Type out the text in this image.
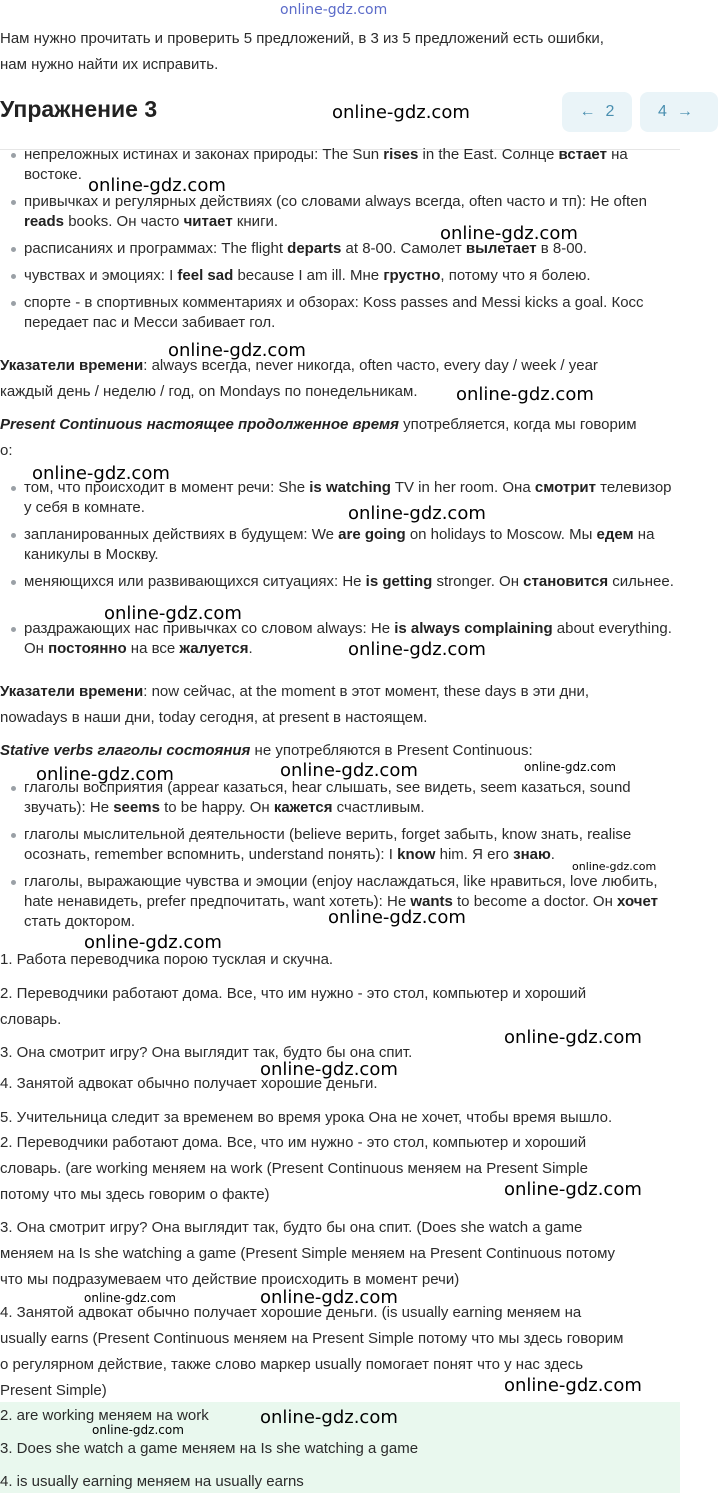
online-gdz.com
Нам нужно прочитать и проверить 5 предложений, в 3 из 5 предложений есть ошибки,
нам нужно найти их исправить.
Упражнение 3	← 2	4 →
непреложных истинах и законах природы: The Sun rises in the East. Солнце встает на востоке.
привычках и регулярных действиях (со словами always всегда, often часто и тп): He often reads books. Он часто читает книги.
расписаниях и программах: The flight departs at 8-00. Самолет вылетает в 8-00.
чувствах и эмоциях: I feel sad because I am ill. Мне грустно, потому что я болею.
спорте - в спортивных комментариях и обзорах: Koss passes and Messi kicks a goal. Косс передает пас и Месси забивает гол.
Указатели времени: always всегда, never никогда, often часто, every day / week / year
каждый день / неделю / год, on Mondays по понедельникам.
Present Continuous настоящее продолженное время употребляется, когда мы говорим
о:
том, что происходит в момент речи: She is watching TV in her room. Она смотрит телевизор у себя в комнате.
запланированных действиях в будущем: We are going on holidays to Moscow. Мы едем на каникулы в Москву.
меняющихся или развивающихся ситуациях: He is getting stronger. Он становится сильнее.
раздражающих нас привычках со словом always: He is always complaining about everything. Он постоянно на все жалуется.
Указатели времени: now сейчас, at the moment в этот момент, these days в эти дни,
nowadays в наши дни, today сегодня, at present в настоящем.
Stative verbs глаголы состояния не употребляются в Present Continuous:
глаголы восприятия (appear казаться, hear слышать, see видеть, seem казаться, sound звучать): He seems to be happy. Он кажется счастливым.
глаголы мыслительной деятельности (believe верить, forget забыть, know знать, realise осознать, remember вспомнить, understand понять): I know him. Я его знаю.
глаголы, выражающие чувства и эмоции (enjoy наслаждаться, like нравиться, love любить, hate ненавидеть, prefer предпочитать, want хотеть): He wants to become a doctor. Он хочет стать доктором.
1. Работа переводчика порою тусклая и скучна.
2. Переводчики работают дома. Все, что им нужно - это стол, компьютер и хороший
словарь.
3. Она смотрит игру? Она выглядит так, будто бы она спит.
4. Занятой адвокат обычно получает хорошие деньги.
5. Учительница следит за временем во время урока Она не хочет, чтобы время вышло.
2. Переводчики работают дома. Все, что им нужно - это стол, компьютер и хороший
словарь. (are working меняем на work (Present Continuous меняем на Present Simple
потому что мы здесь говорим о факте)
3. Она смотрит игру? Она выглядит так, будто бы она спит. (Does she watch a game
меняем на Is she watching a game (Present Simple меняем на Present Continuous потому
что мы подразумеваем что действие происходить в момент речи)
4. Занятой адвокат обычно получает хорошие деньги. (is usually earning меняем на
usually earns (Present Continuous меняем на Present Simple потому что мы здесь говорим
о регулярном действие, также слово маркер usually помогает понят что у нас здесь
Present Simple)
2. are working меняем на work
3. Does she watch a game меняем на Is she watching a game
4. is usually earning меняем на usually earns
online-gdz.com
online-gdz.com
online-gdz.com
online-gdz.com
online-gdz.com
online-gdz.com
online-gdz.com
online-gdz.com
online-gdz.com
online-gdz.com	online-gdz.com	online-gdz.com
online-gdz.com
online-gdz.com
online-gdz.com
online-gdz.com
online-gdz.com
online-gdz.com
online-gdz.com	online-gdz.com
online-gdz.com
online-gdz.com
online-gdz.com
